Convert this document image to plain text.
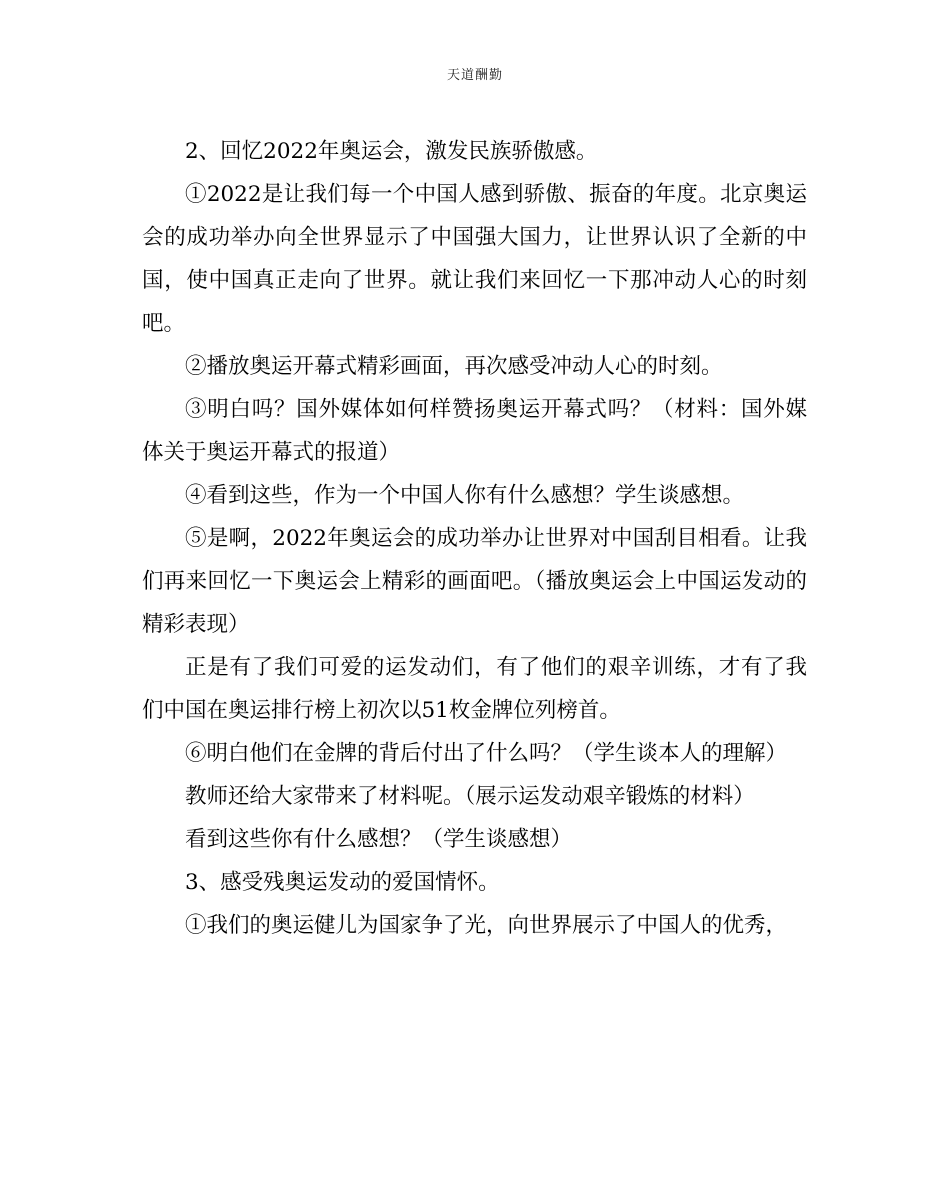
天道酬勤

2、回忆2022年奥运会，激发民族骄傲感。

①2022是让我们每一个中国人感到骄傲、振奋的年度。北京奥运会的成功举办向全世界显示了中国强大国力，让世界认识了全新的中国，使中国真正走向了世界。就让我们来回忆一下那冲动人心的时刻吧。

②播放奥运开幕式精彩画面，再次感受冲动人心的时刻。

③明白吗？国外媒体如何样赞扬奥运开幕式吗？（材料：国外媒体关于奥运开幕式的报道）

④看到这些，作为一个中国人你有什么感想？学生谈感想。

⑤是啊，2022年奥运会的成功举办让世界对中国刮目相看。让我们再来回忆一下奥运会上精彩的画面吧。（播放奥运会上中国运发动的精彩表现）

正是有了我们可爱的运发动们，有了他们的艰辛训练，才有了我们中国在奥运排行榜上初次以51枚金牌位列榜首。

⑥明白他们在金牌的背后付出了什么吗？（学生谈本人的理解）

教师还给大家带来了材料呢。（展示运发动艰辛锻炼的材料）

看到这些你有什么感想？（学生谈感想）

3、感受残奥运发动的爱国情怀。

①我们的奥运健儿为国家争了光，向世界展示了中国人的优秀，
